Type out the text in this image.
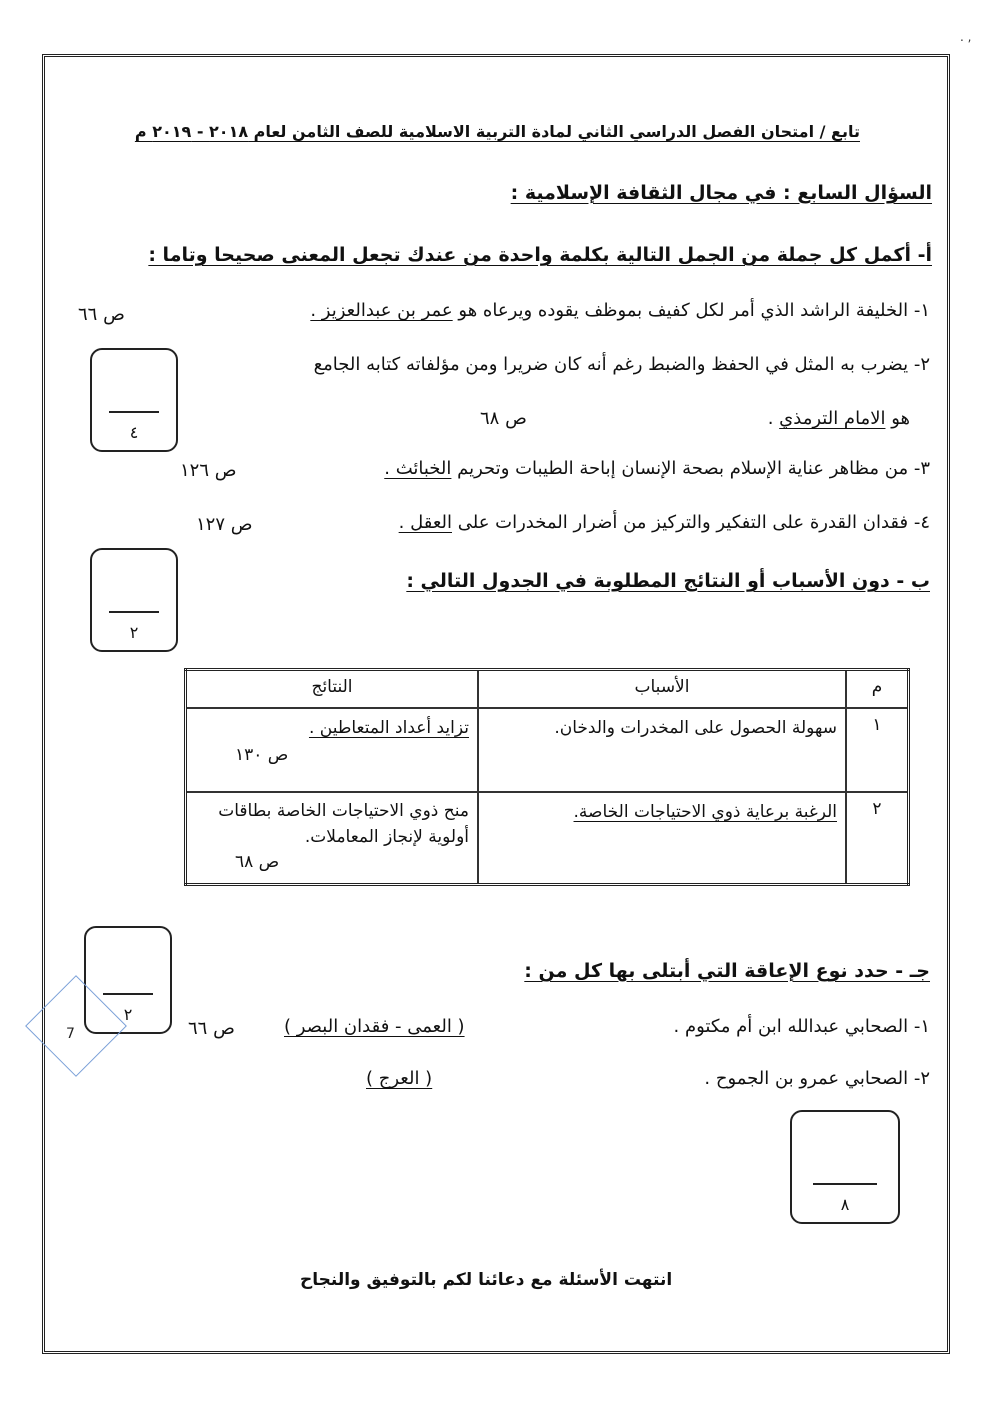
. ,
تابع / امتحان الفصل الدراسي الثاني لمادة التربية الاسلامية للصف الثامن لعام ٢٠١٨ - ٢٠١٩ م
السؤال السابع : في مجال الثقافة الإسلامية :
أ- أكمل كل جملة من الجمل التالية بكلمة واحدة من عندك تجعل المعنى صحيحا وتاما :
١- الخليفة الراشد الذي أمر لكل كفيف بموظف يقوده ويرعاه هو عمر بن عبدالعزيز .
ص ٦٦
٢- يضرب به المثل في الحفظ والضبط رغم أنه كان ضريرا ومن مؤلفاته كتابه الجامع
هو الامام الترمذي .
ص ٦٨
٣- من مظاهر عناية الإسلام بصحة الإنسان إباحة الطيبات وتحريم الخبائث .
ص ١٢٦
٤- فقدان القدرة على التفكير والتركيز من أضرار المخدرات على العقل .
ص ١٢٧
٤
ب - دون الأسباب أو النتائج المطلوبة في الجدول التالي :
٢
م	الأسباب	النتائج
١	سهولة الحصول على المخدرات والدخان.	تزايد أعداد المتعاطين .
ص ١٣٠

٢	الرغبة برعاية ذوي الاحتياجات الخاصة.	منح ذوي الاحتياجات الخاصة بطاقات أولوية لإنجاز المعاملات.
ص ٦٨
جـ - حدد نوع الإعاقة التي أبتلى بها كل من :
٢
١- الصحابي عبدالله ابن أم مكتوم .
( العمى - فقدان البصر )
ص ٦٦
٢- الصحابي عمرو بن الجموح .
( العرج )
٨
انتهت الأسئلة مع دعائنا لكم بالتوفيق والنجاح
7
